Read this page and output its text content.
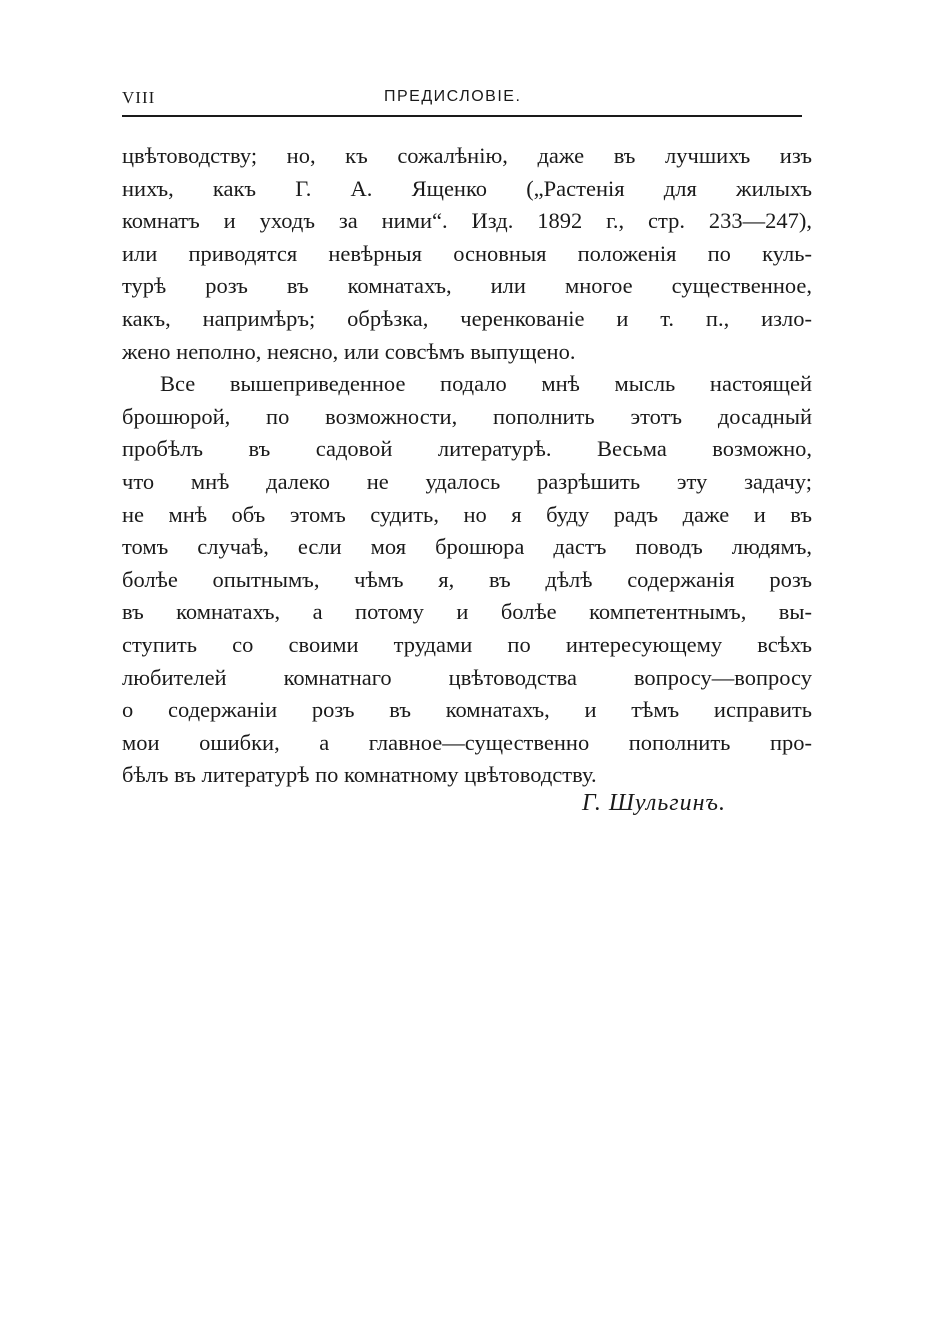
VIII	ПРЕДИСЛОВІЕ.
цвѣтоводству; но, къ сожалѣнію, даже въ лучшихъ изъ
нихъ, какъ Г. А. Ященко („Растенія для жилыхъ
комнатъ и уходъ за ними“. Изд. 1892 г., стр. 233—247),
или приводятся невѣрныя основныя положенія по куль-
турѣ розъ въ комнатахъ, или многое существенное,
какъ, напримѣръ; обрѣзка, черенкованіе и т. п., изло-
жено неполно, неясно, или совсѣмъ выпущено.
Все вышеприведенное подало мнѣ мысль настоящей
брошюрой, по возможности, пополнить этотъ досадный
пробѣлъ въ садовой литературѣ. Весьма возможно,
что мнѣ далеко не удалось разрѣшить эту задачу;
не мнѣ объ этомъ судить, но я буду радъ даже и въ
томъ случаѣ, если моя брошюра дастъ поводъ людямъ,
болѣе опытнымъ, чѣмъ я, въ дѣлѣ содержанія розъ
въ комнатахъ, а потому и болѣе компетентнымъ, вы-
ступить со своими трудами по интересующему всѣхъ
любителей комнатнаго цвѣтоводства вопросу—вопросу
о содержаніи розъ въ комнатахъ, и тѣмъ исправить
мои ошибки, а главное—существенно пополнить про-
бѣлъ въ литературѣ по комнатному цвѣтоводству.
Г. Шульгинъ.
